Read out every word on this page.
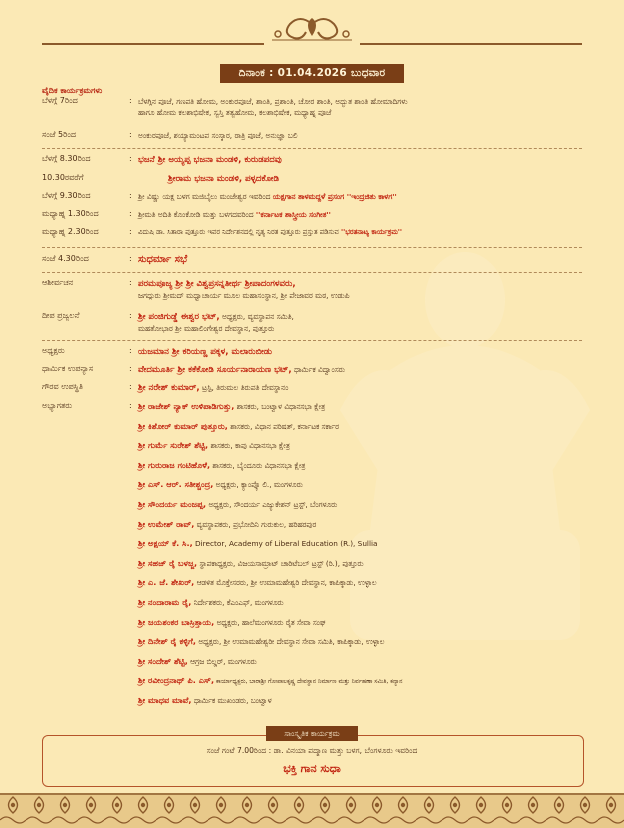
ದಿನಾಂಕ : 01.04.2026 ಬುಧವಾರ
ವೈದಿಕ ಕಾರ್ಯಕ್ರಮಗಳು
ಬೆಳಗ್ಗೆ 7ರಿಂದ	: ಬೆಳಗ್ಗಿನ ಪೂಜೆ, ಗಣಪತಿ ಹೋಮ, ಅಂಕುರಪೂಜೆ, ಶಾಂತಿ, ಪ್ರಶಾಂತಿ, ಚೋರ ಶಾಂತಿ, ಅದ್ಭುತ ಶಾಂತಿ ಹೋಮಾದಿಗಳು
ಹಾಗೂ ಹೋಮ ಕಲಶಾಭಿಷೇಕ, ಸ್ವಸ್ತಿ ತತ್ವಹೋಮ, ಕಲಶಾಭಿಷೇಕ, ಮಧ್ಯಾಹ್ನ ಪೂಜೆ
ಸಂಜೆ 5ರಿಂದ	: ಅಂಕುರಪೂಜೆ, ಶಯ್ಯಾಮಂಟಪ ಸಂಸ್ಕಾರ, ರಾತ್ರಿ ಪೂಜೆ, ಅನುಜ್ಞಾ ಬಲಿ
ಬೆಳಗ್ಗೆ 8.30ರಿಂದ	: ಭಜನೆ ಶ್ರೀ ಅಯ್ಯಪ್ಪ ಭಜನಾ ಮಂಡಳಿ, ಕುರುಡಪದವು
10.30ರವರೆಗೆ	ಶ್ರೀರಾಮ ಭಜನಾ ಮಂಡಳಿ, ಪಳ್ಳದಕೋಡಿ
ಬೆಳಗ್ಗೆ 9.30ರಿಂದ	: ಶ್ರೀ ವಿಷ್ಣು ಯಕ್ಷ ಬಳಗ ಮಜಿಬೈಲು ಮಂಜೇಶ್ವರ ಇವರಿಂದ ಯಕ್ಷಗಾನ ತಾಳಮದ್ದಳೆ ಪ್ರಸಂಗ ''ಇಂದ್ರಜಿತು ಕಾಳಗ''
ಮಧ್ಯಾಹ್ನ 1.30ರಿಂದ	: ಶ್ರೀಮತಿ ಅದಿತಿ ಕೊಂಕೋಡಿ ಮತ್ತು ಬಳಗದವರಿಂದ ''ಕರ್ನಾಟಕ ಶಾಸ್ತ್ರೀಯ ಸಂಗೀತ''
ಮಧ್ಯಾಹ್ನ 2.30ರಿಂದ	: ವಿದುಷಿ ಡಾ. ಸಿತಾರಾ ಪುತ್ತೂರು ಇವರ ನಿರ್ದೇಶನದಲ್ಲಿ ನೃತ್ಯ ನಿರತ ಪುತ್ತೂರು ಪ್ರಸ್ತುತ ಪಡಿಸುವ ''ಭರತನಾಟ್ಯ ಕಾರ್ಯಕ್ರಮ''
ಸಂಜೆ 4.30ರಿಂದ	: ಸುಧರ್ಮಾ ಸಭೆ
ಆಶೀರ್ವಚನ	: ಪರಮಪೂಜ್ಯ ಶ್ರೀ ಶ್ರೀ ವಿಶ್ವಪ್ರಸನ್ನತೀರ್ಥ ಶ್ರೀಪಾದಂಗಳವರು,
ಜಗದ್ಗುರು ಶ್ರೀಮದ್ ಮಧ್ವಾಚಾರ್ಯ ಮೂಲ ಮಹಾಸಂಸ್ಥಾನ, ಶ್ರೀ ಪೇಜಾವರ ಮಠ, ಉಡುಪಿ
ದೀಪ ಪ್ರಜ್ವಲನೆ	: ಶ್ರೀ ಪಂಜಿಗುಡ್ಡೆ ಈಶ್ವರ ಭಟ್, ಅಧ್ಯಕ್ಷರು, ವ್ಯವಸ್ಥಾಪನ ಸಮಿತಿ,
ಮಹತೋಭಾರ ಶ್ರೀ ಮಹಾಲಿಂಗೇಶ್ವರ ದೇವಸ್ಥಾನ, ಪುತ್ತೂರು
ಅಧ್ಯಕ್ಷರು	: ಯಜಮಾನ ಶ್ರೀ ಕರಿಯಣ್ಣ ಪಕ್ಕಳ, ಮಲಾರುಬೀಡು
ಧಾರ್ಮಿಕ ಉಪನ್ಯಾಸ	: ವೇದಮೂರ್ತಿ ಶ್ರೀ ಕಕೆಕೋಡಿ ಸೂರ್ಯನಾರಾಯಣ ಭಟ್, ಧಾರ್ಮಿಕ ವಿದ್ವಾಂಸರು
ಗೌರವ ಉಪಸ್ಥಿತಿ	: ಶ್ರೀ ನರೇಶ್ ಕುಮಾರ್, ಟ್ರಸ್ಟಿ, ತಿರುಮಲ ತಿರುಪತಿ ದೇವಸ್ಥಾನಂ
ಅಭ್ಯಾಗತರು	: ಶ್ರೀ ರಾಜೇಶ್ ನ್ಯಾಕ್ ಉಳಿಪಾಡಿಗುತ್ತು, ಶಾಸಕರು, ಬಂಟ್ವಾಳ ವಿಧಾನಸಭಾ ಕ್ಷೇತ್ರ
ಶ್ರೀ ಕಿಶೋರ್ ಕುಮಾರ್ ಪುತ್ತೂರು, ಶಾಸಕರು, ವಿಧಾನ ಪರಿಷತ್, ಕರ್ನಾಟಕ ಸರ್ಕಾರ
ಶ್ರೀ ಗುರ್ಮೆ ಸುರೇಶ್ ಶೆಟ್ಟಿ, ಶಾಸಕರು, ಕಾಪು ವಿಧಾನಸಭಾ ಕ್ಷೇತ್ರ
ಶ್ರೀ ಗುರುರಾಜ ಗಂಟಿಹೊಳೆ, ಶಾಸಕರು, ಬೈಂದೂರು ವಿಧಾನಸಭಾ ಕ್ಷೇತ್ರ
ಶ್ರೀ ಎಸ್. ಆರ್. ಸತೀಶ್ಚಂದ್ರ, ಅಧ್ಯಕ್ಷರು, ಕ್ಯಾಂಪ್ಕೊ ಲಿ., ಮಂಗಳೂರು
ಶ್ರೀ ಸೌಂದರ್ಯ ಮಂಜಪ್ಪ, ಅಧ್ಯಕ್ಷರು, ಸೌಂದರ್ಯ ಎಜ್ಯುಕೇಶನ್ ಟ್ರಸ್ಟ್, ಬೆಂಗಳೂರು
ಶ್ರೀ ಉಮೇಶ್ ರಾವ್, ವ್ಯವಸ್ಥಾಪಕರು, ಪ್ರಭೋದಿನಿ ಗುರುಕುಲ, ಹರಿಹರಪುರ
ಶ್ರೀ ಅಕ್ಷಯ್ ಕೆ. ಸಿ., Director, Academy of Liberal Education (R.), Sullia
ಶ್ರೀ ಸಹಜ್ ರೈ ಬಳಜ್ಜ, ಸ್ಥಾಪಕಾಧ್ಯಕ್ಷರು, ವಿಜಯಸಾಮ್ರಾಟ್ ಚಾರಿಟೆಬಲ್ ಟ್ರಸ್ಟ್ (ರಿ.), ಪುತ್ತೂರು
ಶ್ರೀ ಎ. ಜೆ. ಶೇಖರ್, ಆಡಳಿತ ಮೊಕ್ತೇಸರರು, ಶ್ರೀ ಉಮಾಮಹೇಶ್ವರಿ ದೇವಸ್ಥಾನ, ಕಾಪಿಕ್ಕಾಡು, ಉಳ್ಳಾಲ
ಶ್ರೀ ನಂದಾರಾಮ ರೈ, ನಿರ್ದೇಶಕರು, ಕೆಎಂಎಫ್, ಮಂಗಳೂರು
ಶ್ರೀ ಜಯಶಂಕರ ಬಾಸ್ರಿತ್ತಾಯ, ಅಧ್ಯಕ್ಷರು, ಹಾಲೆಮಂಗಳೂರು ರೈತ ಸೇವಾ ಸಂಘ
ಶ್ರೀ ದಿನೇಶ್ ರೈ ಕಳ್ಳಿಗೆ, ಅಧ್ಯಕ್ಷರು, ಶ್ರೀ ಉಮಾಮಹೇಶ್ವರೀ ದೇವಸ್ಥಾನ ಸೇವಾ ಸಮಿತಿ, ಕಾಪಿಕ್ಕಾಡು, ಉಳ್ಳಾಲ
ಶ್ರೀ ಸಂದೇಶ್ ಶೆಟ್ಟಿ, ಆಗ್ರಜ ಬಿಲ್ಡರ್, ಮಂಗಳೂರು
ಶ್ರೀ ರವೀಂದ್ರನಾಥ್ ಪಿ. ಎಸ್, ಕಾರ್ಯಾಧ್ಯಕ್ಷರು, ಬಾರಾಶ್ರೀ ಗೋಪಾಲಕೃಷ್ಣ ದೇವಸ್ಥಾನ ನಿರ್ಮಾಣ ಮತ್ತು ನಿರ್ವಹಣಾ ಸಮಿತಿ, ಕನ್ಯಾನ
ಶ್ರೀ ಮಾಧವ ಮಾವೆ, ಧಾರ್ಮಿಕ ಮುಖಂಡರು, ಬಂಟ್ವಾಳ
ಸಾಂಸ್ಕೃತಿಕ ಕಾರ್ಯಕ್ರಮ
ಸಂಜೆ ಗಂಟೆ 7.00ರಿಂದ : ಡಾ. ವಿನಯಾ ಪದ್ಮಾಣ ಮತ್ತು ಬಳಗ, ಬೆಂಗಳೂರು ಇವರಿಂದ
ಭಕ್ತಿ ಗಾನ ಸುಧಾ
